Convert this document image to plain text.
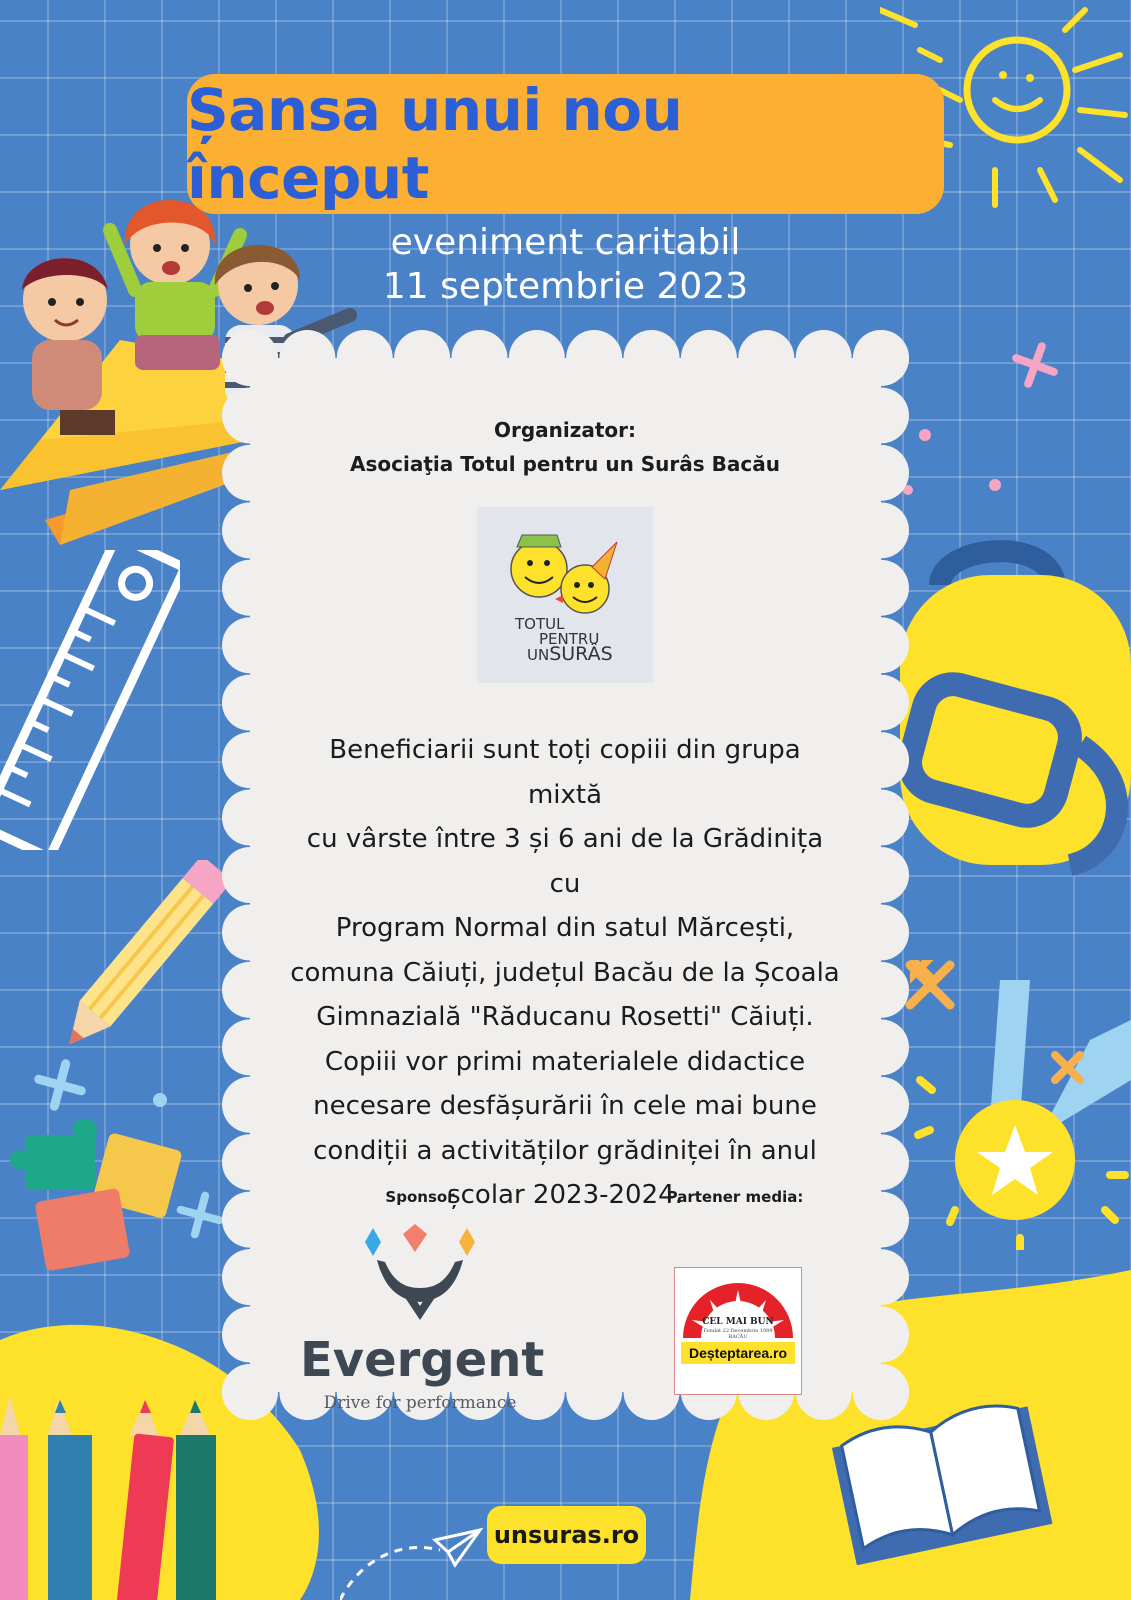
Șansa unui nou început
eveniment caritabil
11 septembrie 2023
Organizator:
Asociaţia Totul pentru un Surâs Bacău
TOTUL
PENTRU
UNSURÂS
Beneficiarii sunt toți copiii din grupa mixtă
cu vârste între 3 și 6 ani de la Grădinița cu
Program Normal din satul Mărcești,
comuna Căiuți, județul Bacău de la Școala
Gimnazială "Răducanu Rosetti" Căiuți.
Copiii vor primi materialele didactice
necesare desfășurării în cele mai bune
condiții a activităților grădiniței în anul
școlar 2023-2024.
Sponsor
Evergent
Drive for performance
Partener media:
CEL MAI BUN
Fondat 22 Decembrie 1989
BACĂU
Deșteptarea.ro
unsuras.ro
